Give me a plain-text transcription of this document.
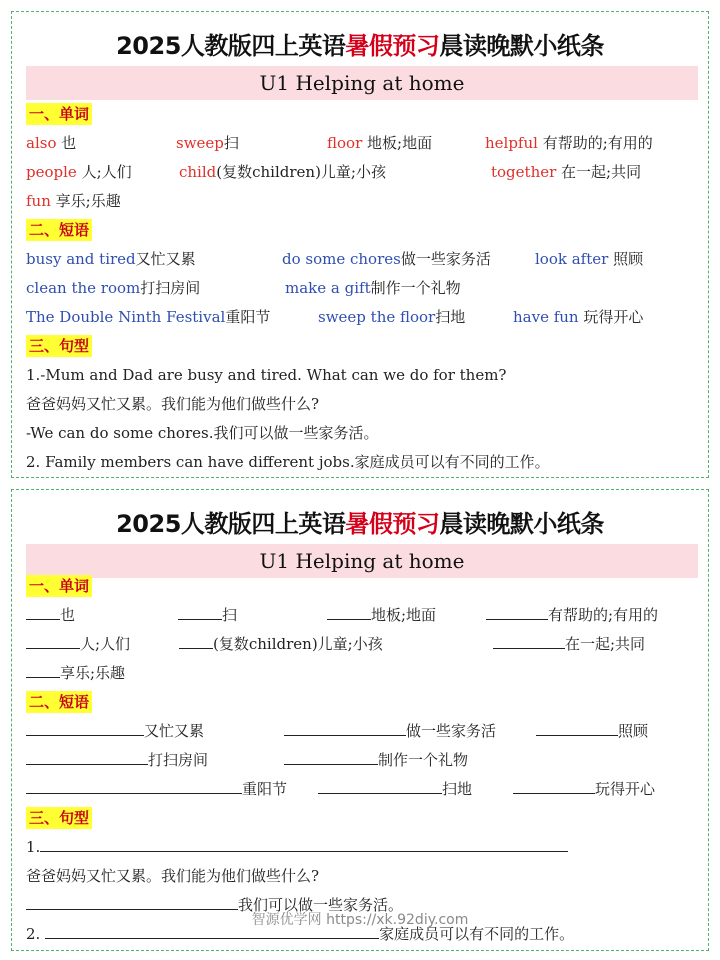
2025人教版四上英语暑假预习晨读晚默小纸条
U1 Helping at home
一、单词
also 也	sweep扫	floor 地板;地面	helpful 有帮助的;有用的
people 人;人们	child(复数children)儿童;小孩	together 在一起;共同
fun 享乐;乐趣
二、短语
busy and tired又忙又累	do some chores做一些家务活	look after 照顾
clean the room打扫房间	make a gift制作一个礼物
The Double Ninth Festival重阳节	sweep the floor扫地	have fun 玩得开心
三、句型
1.-Mum and Dad are busy and tired. What can we do for them?
爸爸妈妈又忙又累。我们能为他们做些什么?
-We can do some chores.我们可以做一些家务活。
2. Family members can have different jobs.家庭成员可以有不同的工作。
2025人教版四上英语暑假预习晨读晚默小纸条
U1 Helping at home
一、单词
也	扫	地板;地面	有帮助的;有用的
人;人们	(复数children)儿童;小孩	在一起;共同
享乐;乐趣
二、短语
又忙又累	做一些家务活	照顾
打扫房间	制作一个礼物
重阳节	扫地	玩得开心
三、句型
1.
爸爸妈妈又忙又累。我们能为他们做些什么?
我们可以做一些家务活。
2.	家庭成员可以有不同的工作。
智源优学网 https://xk.92diy.com
